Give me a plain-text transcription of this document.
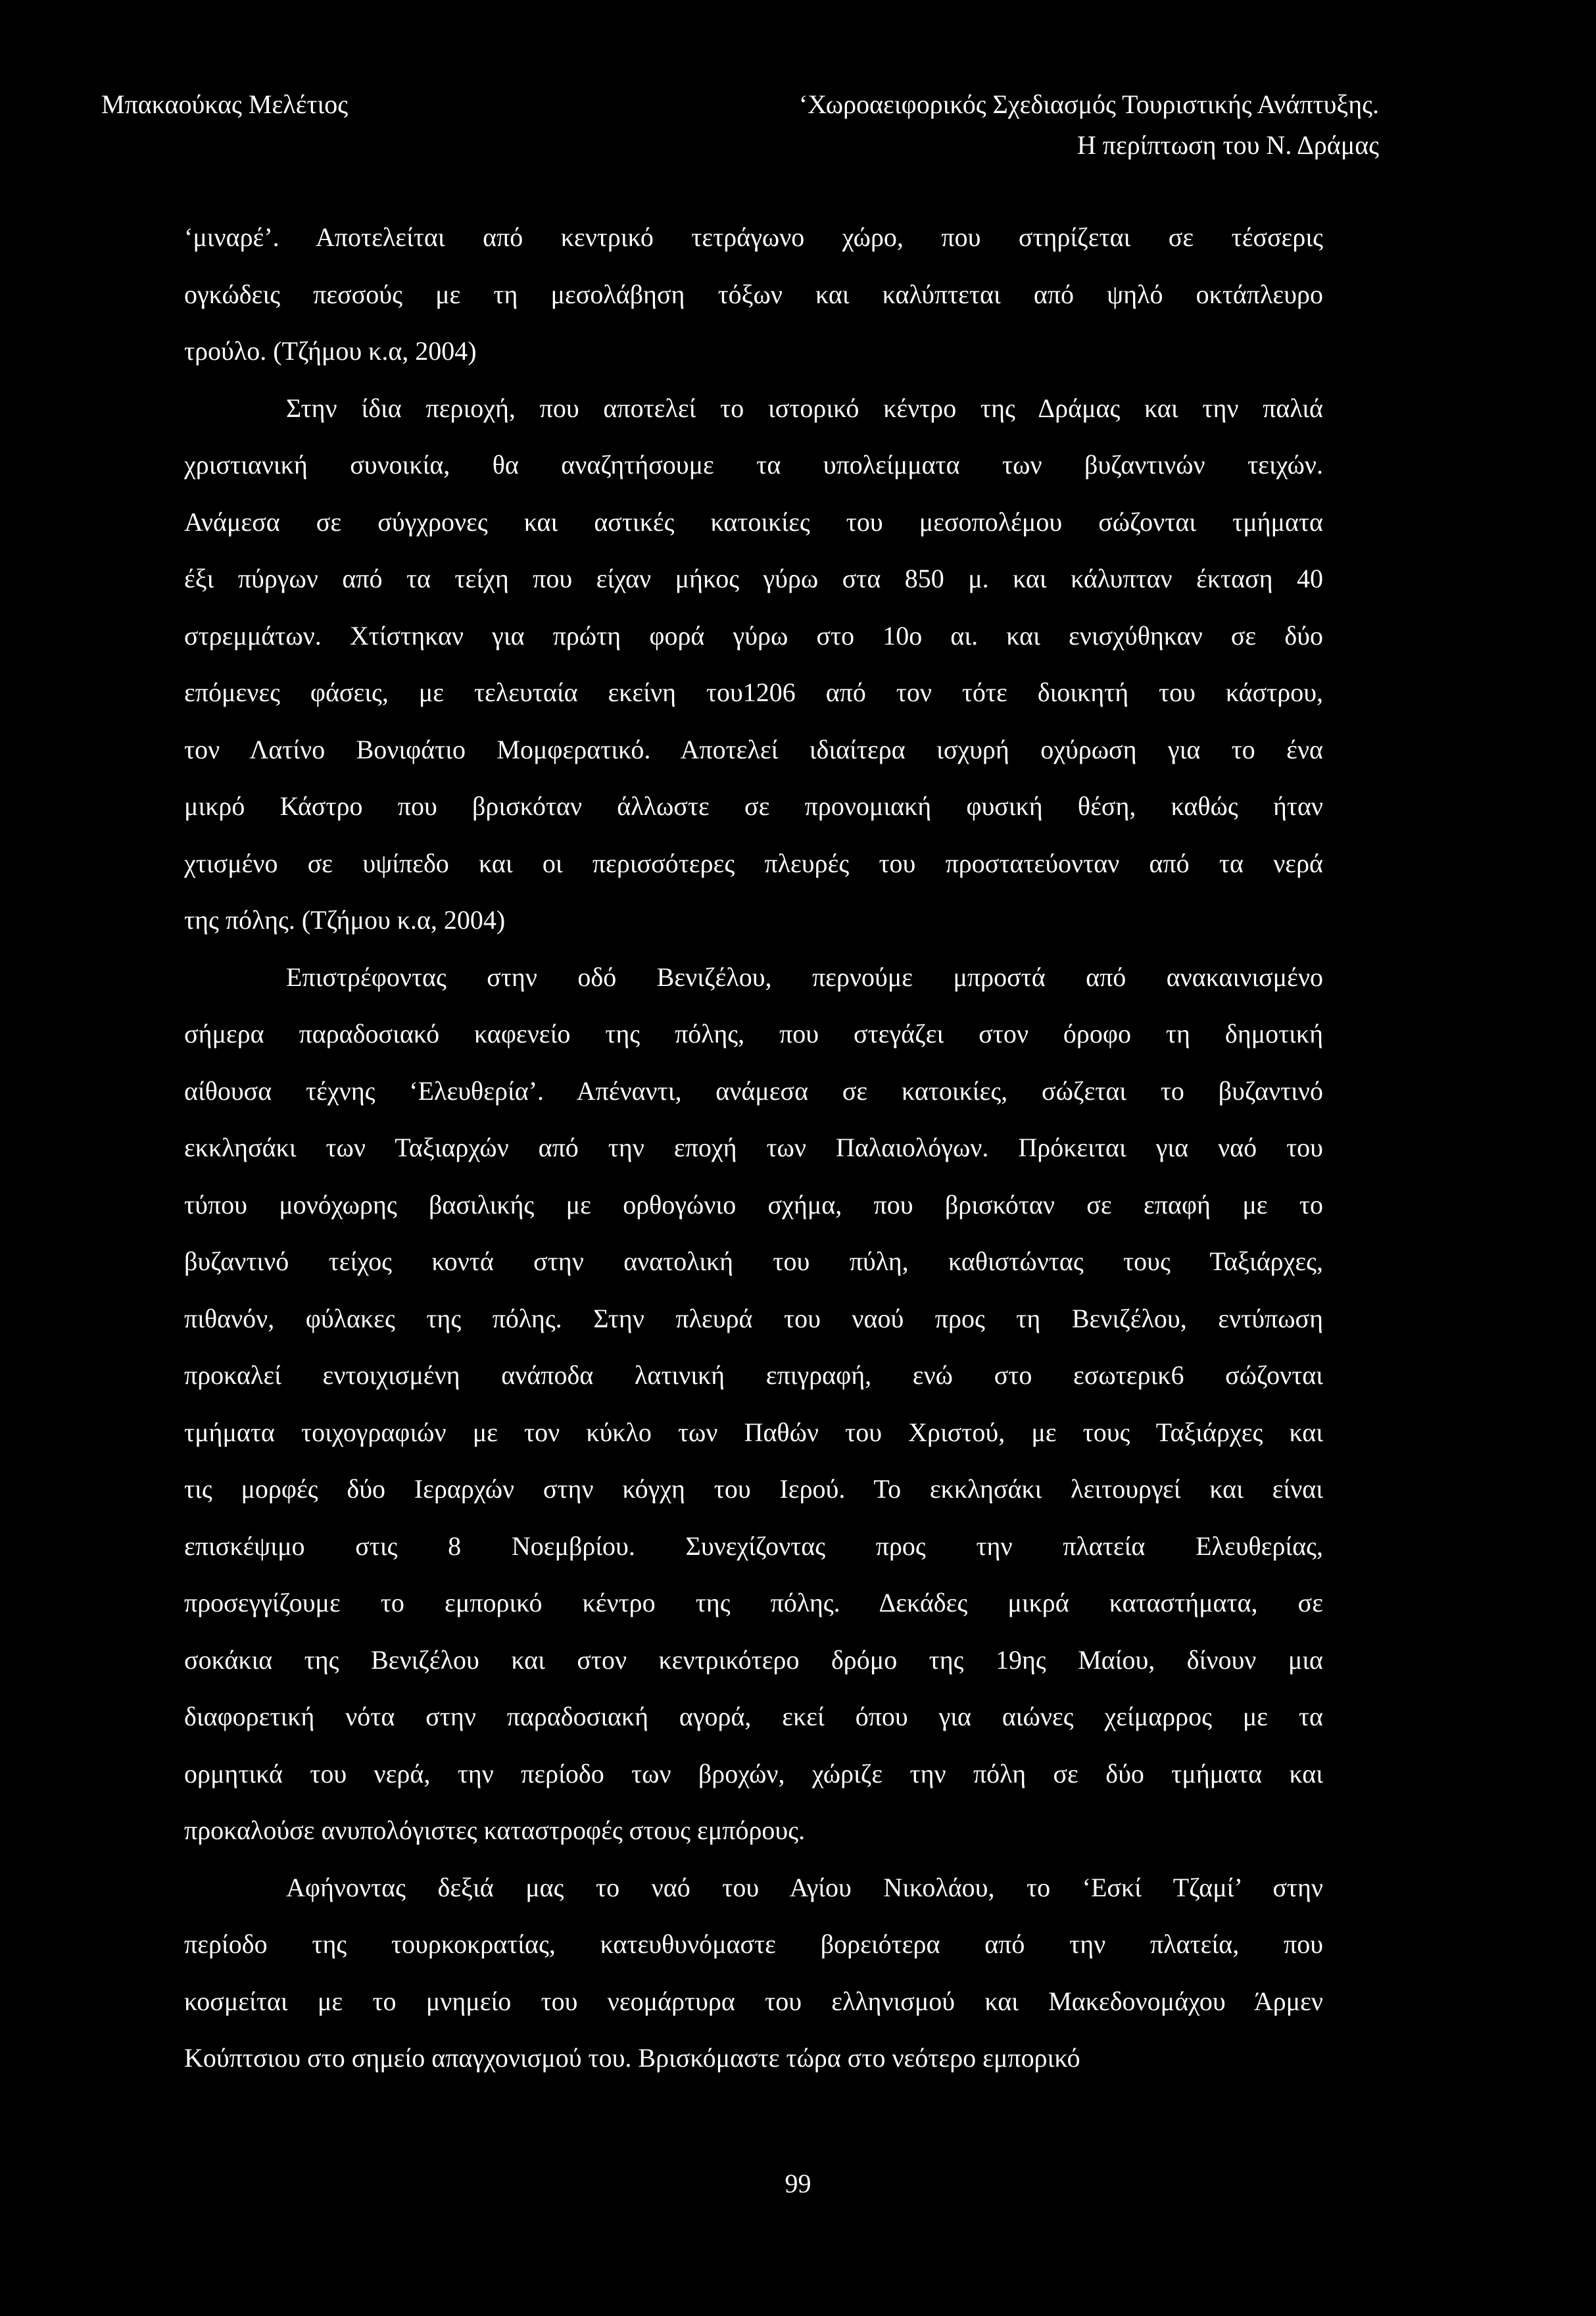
Μπακαούκας Μελέτιος	‘Χωροαειφορικός Σχεδιασμός Τουριστικής Ανάπτυξης.
Η περίπτωση του Ν. Δράμας

‘μιναρέ’. Αποτελείται από κεντρικό τετράγωνο χώρο, που στηρίζεται σε τέσσερις
ογκώδεις πεσσούς με τη μεσολάβηση τόξων και καλύπτεται από ψηλό οκτάπλευρο
τρούλο. (Τζήμου κ.α, 2004)

Στην ίδια περιοχή, που αποτελεί το ιστορικό κέντρο της Δράμας και την παλιά
χριστιανική συνοικία, θα αναζητήσουμε τα υπολείμματα των βυζαντινών τειχών.
Ανάμεσα σε σύγχρονες και αστικές κατοικίες του μεσοπολέμου σώζονται τμήματα
έξι πύργων από τα τείχη που είχαν μήκος γύρω στα 850 μ. και κάλυπταν έκταση 40
στρεμμάτων. Χτίστηκαν για πρώτη φορά γύρω στο 10ο αι. και ενισχύθηκαν σε δύο
επόμενες φάσεις, με τελευταία εκείνη του1206 από τον τότε διοικητή του κάστρου,
τον Λατίνο Βονιφάτιο Μομφερατικό. Αποτελεί ιδιαίτερα ισχυρή οχύρωση για το ένα
μικρό Κάστρο που βρισκόταν άλλωστε σε προνομιακή φυσική θέση, καθώς ήταν
χτισμένο σε υψίπεδο και οι περισσότερες πλευρές του προστατεύονταν από τα νερά
της πόλης. (Τζήμου κ.α, 2004)

Επιστρέφοντας στην οδό Βενιζέλου, περνούμε μπροστά από ανακαινισμένο
σήμερα παραδοσιακό καφενείο της πόλης, που στεγάζει στον όροφο τη δημοτική
αίθουσα τέχνης ‘Ελευθερία’. Απέναντι, ανάμεσα σε κατοικίες, σώζεται το βυζαντινό
εκκλησάκι των Ταξιαρχών από την εποχή των Παλαιολόγων. Πρόκειται για ναό του
τύπου μονόχωρης βασιλικής με ορθογώνιο σχήμα, που βρισκόταν σε επαφή με το
βυζαντινό τείχος κοντά στην ανατολική του πύλη, καθιστώντας τους Ταξιάρχες,
πιθανόν, φύλακες της πόλης. Στην πλευρά του ναού προς τη Βενιζέλου, εντύπωση
προκαλεί εντοιχισμένη ανάποδα λατινική επιγραφή, ενώ στο εσωτερικ6 σώζονται
τμήματα τοιχογραφιών με τον κύκλο των Παθών του Χριστού, με τους Ταξιάρχες και
τις μορφές δύο Ιεραρχών στην κόγχη του Ιερού. Το εκκλησάκι λειτουργεί και είναι
επισκέψιμο στις 8 Νοεμβρίου. Συνεχίζοντας προς την πλατεία Ελευθερίας,
προσεγγίζουμε το εμπορικό κέντρο της πόλης. Δεκάδες μικρά καταστήματα, σε
σοκάκια της Βενιζέλου και στον κεντρικότερο δρόμο της 19ης Μαίου, δίνουν μια
διαφορετική νότα στην παραδοσιακή αγορά, εκεί όπου για αιώνες χείμαρρος με τα
ορμητικά του νερά, την περίοδο των βροχών, χώριζε την πόλη σε δύο τμήματα και
προκαλούσε ανυπολόγιστες καταστροφές στους εμπόρους.

Αφήνοντας δεξιά μας το ναό του Αγίου Νικολάου, το ‘Εσκί Τζαμί’ στην
περίοδο της τουρκοκρατίας, κατευθυνόμαστε βορειότερα από την πλατεία, που
κοσμείται με το μνημείο του νεομάρτυρα του ελληνισμού και Μακεδονομάχου Άρμεν
Κούπτσιου στο σημείο απαγχονισμού του. Βρισκόμαστε τώρα στο νεότερο εμπορικό

99
